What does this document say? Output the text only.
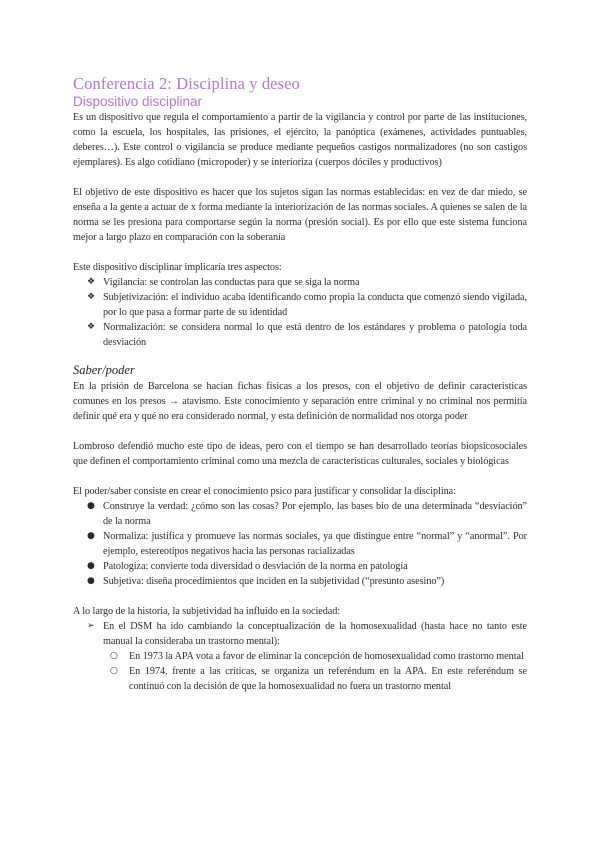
Conferencia 2: Disciplina y deseo
Dispositivo disciplinar

Es un dispositivo que regula el comportamiento a partir de la vigilancia y control por parte de las instituciones, como la escuela, los hospitales, las prisiones, el ejército, la panóptica (exámenes, actividades puntuables, deberes…). Este control o vigilancia se produce mediante pequeños castigos normalizadores (no son castigos ejemplares). Es algo cotidiano (micropoder) y se interioriza (cuerpos dóciles y productivos)

El objetivo de este dispositivo es hacer que los sujetos sigan las normas establecidas: en vez de dar miedo, se enseña a la gente a actuar de x forma mediante la interiorización de las normas sociales. A quienes se salen de la norma se les presiona para comportarse según la norma (presión social). Es por ello que este sistema funciona mejor a largo plazo en comparación con la soberanía

Este dispositivo disciplinar implicaría tres aspectos:

❖ Vigilancia: se controlan las conductas para que se siga la norma
❖ Subjetivización: el individuo acaba identificando como propia la conducta que comenzó siendo vigilada, por lo que pasa a formar parte de su identidad
❖ Normalización: se considera normal lo que está dentro de los estándares y problema o patología toda desviación
Saber/poder

En la prisión de Barcelona se hacían fichas físicas a los presos, con el objetivo de definir características comunes en los presos → atavismo. Este conocimiento y separación entre criminal y no criminal nos permitía definir qué era y qué no era considerado normal, y esta definición de normalidad nos otorga poder

Lombroso defendió mucho este tipo de ideas, pero con el tiempo se han desarrollado teorías biopsicosociales que definen el comportamiento criminal como una mezcla de características culturales, sociales y biológicas

El poder/saber consiste en crear el conocimiento psico para justificar y consolidar la disciplina:

● Construye la verdad: ¿cómo son las cosas? Por ejemplo, las bases bio de una determinada “desviación” de la norma
● Normaliza: justifica y promueve las normas sociales, ya que distingue entre “normal” y “anormal”. Por ejemplo, estereotipos negativos hacia las personas racializadas
● Patologiza: convierte toda diversidad o desviación de la norma en patología
● Subjetiva: diseña procedimientos que inciden en la subjetividad (“presunto asesino”)

A lo largo de la historia, la subjetividad ha influido en la sociedad:

➢ En el DSM ha ido cambiando la conceptualización de la homosexualidad (hasta hace no tanto este manual la consideraba un trastorno mental):
○	En 1973 la APA vota a favor de eliminar la concepción de homosexualidad como trastorno mental
○	En 1974, frente a las críticas, se organiza un referéndum en la APA. En este referéndum se continuó con la decisión de que la homosexualidad no fuera un trastorno mental
